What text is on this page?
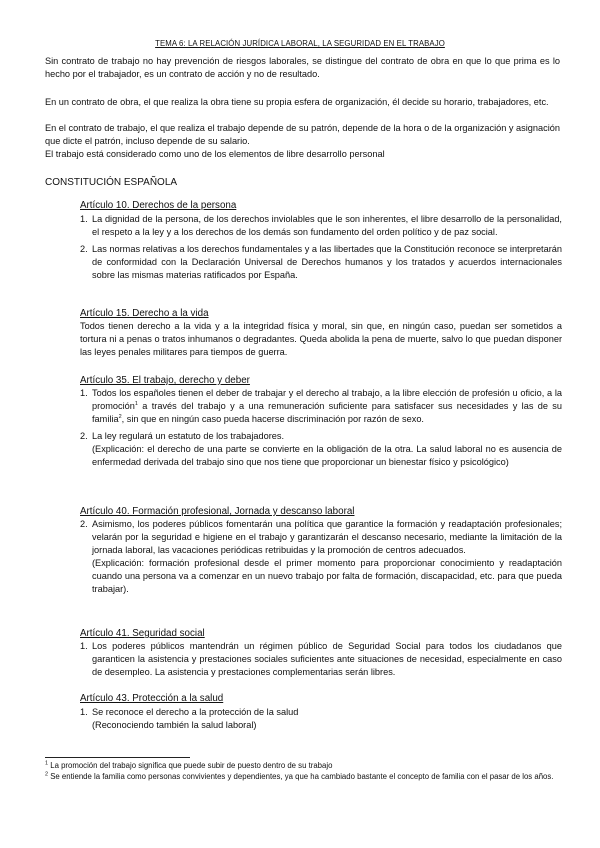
TEMA 6: LA RELACIÓN JURÍDICA LABORAL, LA SEGURIDAD EN EL TRABAJO

Sin contrato de trabajo no hay prevención de riesgos laborales, se distingue del contrato de obra en que lo que prima es lo hecho por el trabajador, es un contrato de acción y no de resultado.

En un contrato de obra, el que realiza la obra tiene su propia esfera de organización, él decide su horario, trabajadores, etc.

En el contrato de trabajo, el que realiza el trabajo depende de su patrón, depende de la hora o de la organización y asignación que dicte el patrón, incluso depende de su salario.

El trabajo está considerado como uno de los elementos de libre desarrollo personal

CONSTITUCIÓN ESPAÑOLA
Artículo 10. Derechos de la persona
1. La dignidad de la persona, de los derechos inviolables que le son inherentes, el libre desarrollo de la personalidad, el respeto a la ley y a los derechos de los demás son fundamento del orden político y de paz social.
2. Las normas relativas a los derechos fundamentales y a las libertades que la Constitución reconoce se interpretarán de conformidad con la Declaración Universal de Derechos humanos y los tratados y acuerdos internacionales sobre las mismas materias ratificados por España.
Artículo 15. Derecho a la vida

Todos tienen derecho a la vida y a la integridad física y moral, sin que, en ningún caso, puedan ser sometidos a tortura ni a penas o tratos inhumanos o degradantes. Queda abolida la pena de muerte, salvo lo que puedan disponer las leyes penales militares para tiempos de guerra.

Artículo 35. El trabajo, derecho y deber
1. Todos los españoles tienen el deber de trabajar y el derecho al trabajo, a la libre elección de profesión u oficio, a la promoción$^1$ a través del trabajo y a una remuneración suficiente para satisfacer sus necesidades y las de su familia$^2$, sin que en ningún caso pueda hacerse discriminación por razón de sexo.
2. La ley regulará un estatuto de los trabajadores.
(Explicación: el derecho de una parte se convierte en la obligación de la otra. La salud laboral no es ausencia de enfermedad derivada del trabajo sino que nos tiene que proporcionar un bienestar físico y psicológico)
Artículo 40. Formación profesional, Jornada y descanso laboral
2. Asimismo, los poderes públicos fomentarán una política que garantice la formación y readaptación profesionales; velarán por la seguridad e higiene en el trabajo y garantizarán el descanso necesario, mediante la limitación de la jornada laboral, las vacaciones periódicas retribuidas y la promoción de centros adecuados.
(Explicación: formación profesional desde el primer momento para proporcionar conocimiento y readaptación cuando una persona va a comenzar en un nuevo trabajo por falta de formación, discapacidad, etc. para que pueda trabajar).
Artículo 41. Seguridad social
1. Los poderes públicos mantendrán un régimen público de Seguridad Social para todos los ciudadanos que garanticen la asistencia y prestaciones sociales suficientes ante situaciones de necesidad, especialmente en caso de desempleo. La asistencia y prestaciones complementarias serán libres.
Artículo 43. Protección a la salud
1. Se reconoce el derecho a la protección de la salud
(Reconociendo también la salud laboral)

$^1$ La promoción del trabajo significa que puede subir de puesto dentro de su trabajo

$^2$ Se entiende la familia como personas convivientes y dependientes, ya que ha cambiado bastante el concepto de familia con el pasar de los años.
